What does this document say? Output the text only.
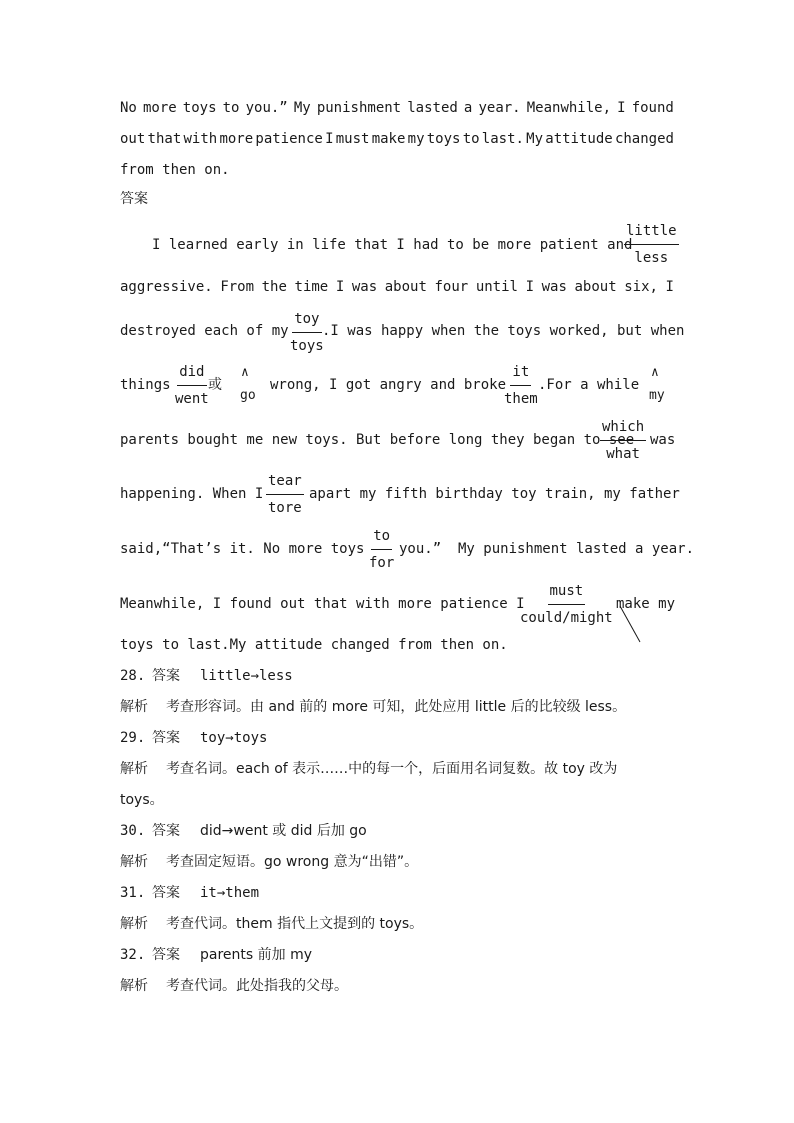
No more toys to you.” My punishment lasted a year. Meanwhile, I found
out that with more patience I must make my toys to last. My attitude changed
from then on.
答案
I learned early in life that I had to be more patient and
little
less
aggressive. From the time I was about four until I was about six, I
destroyed each of my
toy
toys
.I was happy when the toys worked, but when
things
did
went
或
∧
go
wrong, I got angry and broke
it
them
.For a while
∧
my
parents bought me new toys. But before long they began to see
which
what
was
happening. When I
tear
tore
apart my fifth birthday toy train, my father
said,“That’s it. No more toys
to
for
you.”  My punishment lasted a year.
Meanwhile, I found out that with more patience I
must
could/might
make my
toys to last.My attitude changed from then on.
28. 答案 little→less
解析 考查形容词。由 and 前的 more 可知，此处应用 little 后的比较级 less。
29. 答案 toy→toys
解析 考查名词。each of 表示……中的每一个，后面用名词复数。故 toy 改为
toys。
30. 答案 did→went 或 did 后加 go
解析 考查固定短语。go wrong 意为“出错”。
31. 答案 it→them
解析 考查代词。them 指代上文提到的 toys。
32. 答案 parents 前加 my
解析 考查代词。此处指我的父母。
